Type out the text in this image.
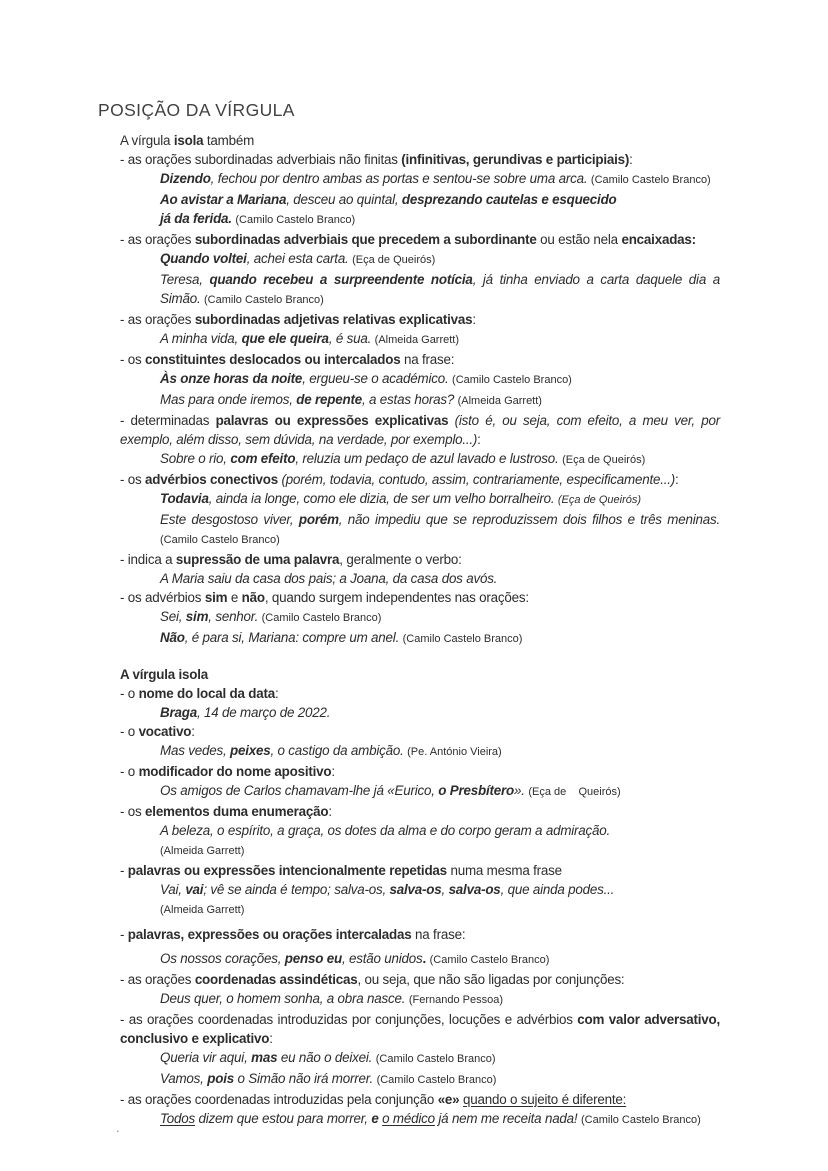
POSIÇÃO DA VÍRGULA
A vírgula isola também
- as orações subordinadas adverbiais não finitas (infinitivas, gerundivas e participiais):
Dizendo, fechou por dentro ambas as portas e sentou-se sobre uma arca. (Camilo Castelo Branco)
Ao avistar a Mariana, desceu ao quintal, desprezando cautelas e esquecido
já da ferida. (Camilo Castelo Branco)
- as orações subordinadas adverbiais que precedem a subordinante ou estão nela encaixadas:
Quando voltei, achei esta carta. (Eça de Queirós)
Teresa, quando recebeu a surpreendente notícia, já tinha enviado a carta daquele dia a Simão. (Camilo Castelo Branco)
- as orações subordinadas adjetivas relativas explicativas:
A minha vida, que ele queira, é sua. (Almeida Garrett)
- os constituintes deslocados ou intercalados na frase:
Às onze horas da noite, ergueu-se o académico. (Camilo Castelo Branco)
Mas para onde iremos, de repente, a estas horas? (Almeida Garrett)
- determinadas palavras ou expressões explicativas (isto é, ou seja, com efeito, a meu ver, por exemplo, além disso, sem dúvida, na verdade, por exemplo...):
Sobre o rio, com efeito, reluzia um pedaço de azul lavado e lustroso. (Eça de Queirós)
- os advérbios conectivos (porém, todavia, contudo, assim, contrariamente, especificamente...):
Todavia, ainda ia longe, como ele dizia, de ser um velho borralheiro. (Eça de Queirós)
Este desgostoso viver, porém, não impediu que se reproduzissem dois filhos e três meninas. (Camilo Castelo Branco)
- indica a supressão de uma palavra, geralmente o verbo:
A Maria saiu da casa dos pais; a Joana, da casa dos avós.
- os advérbios sim e não, quando surgem independentes nas orações:
Sei, sim, senhor. (Camilo Castelo Branco)
Não, é para si, Mariana: compre um anel. (Camilo Castelo Branco)
A vírgula isola
- o nome do local da data:
Braga, 14 de março de 2022.
- o vocativo:
Mas vedes, peixes, o castigo da ambição. (Pe. António Vieira)
- o modificador do nome apositivo:
Os amigos de Carlos chamavam-lhe já «Eurico, o Presbítero». (Eça de    Queirós)
- os elementos duma enumeração:
A beleza, o espírito, a graça, os dotes da alma e do corpo geram a admiração.
(Almeida Garrett)
- palavras ou expressões intencionalmente repetidas numa mesma frase
Vai, vai; vê se ainda é tempo; salva-os, salva-os, salva-os, que ainda podes...
(Almeida Garrett)
- palavras, expressões ou orações intercaladas na frase:
Os nossos corações, penso eu, estão unidos. (Camilo Castelo Branco)
- as orações coordenadas assindéticas, ou seja, que não são ligadas por conjunções:
Deus quer, o homem sonha, a obra nasce. (Fernando Pessoa)
- as orações coordenadas introduzidas por conjunções, locuções e advérbios com valor adversativo, conclusivo e explicativo:
Queria vir aqui, mas eu não o deixei. (Camilo Castelo Branco)
Vamos, pois o Simão não irá morrer. (Camilo Castelo Branco)
- as orações coordenadas introduzidas pela conjunção «e» quando o sujeito é diferente:
Todos dizem que estou para morrer, e o médico já nem me receita nada! (Camilo Castelo Branco)
.
